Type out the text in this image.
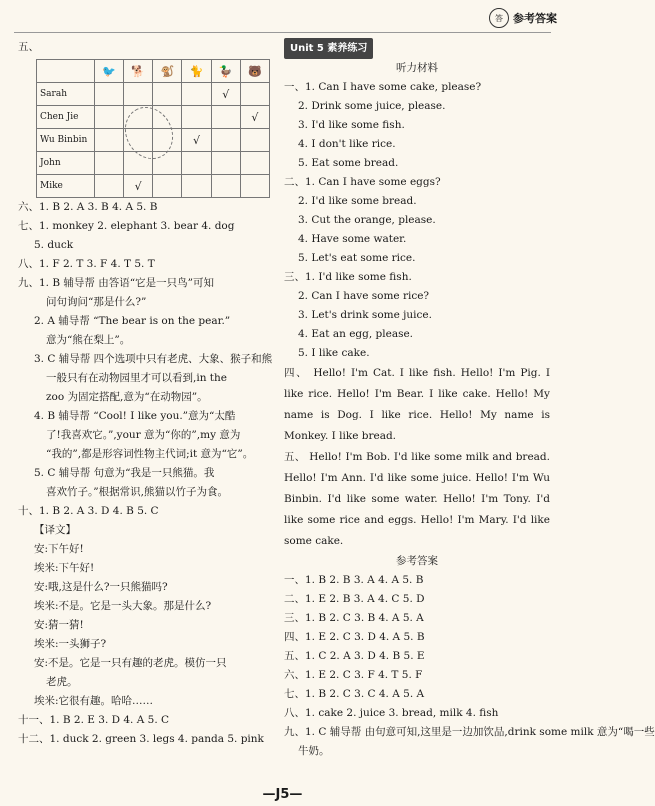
答 参考答案
五、
	🐦	🐕	🐒	🐈	🦆	🐻
Sarah					√	
Chen Jie						√
Wu Binbin				√		
John						
Mike		√				
六、1. B 2. A 3. B 4. A 5. B
七、1. monkey 2. elephant 3. bear 4. dog
5. duck
八、1. F 2. T 3. F 4. T 5. T
九、1. B 辅导帮 由答语“它是一只鸟”可知
问句询问“那是什么?”
2. A 辅导帮 “The bear is on the pear.”
意为“熊在梨上”。
3. C 辅导帮 四个选项中只有老虎、大象、猴子和熊
一般只有在动物园里才可以看到,in the
zoo 为固定搭配,意为“在动物园”。
4. B 辅导帮 “Cool! I like you.”意为“太酷
了!我喜欢它。”,your 意为“你的”,my 意为
“我的”,都是形容词性物主代词;it 意为“它”。
5. C 辅导帮 句意为“我是一只熊猫。我
喜欢竹子。”根据常识,熊猫以竹子为食。
十、1. B 2. A 3. D 4. B 5. C
【译文】
安:下午好!
埃米:下午好!
安:哦,这是什么?一只熊猫吗?
埃米:不是。它是一头大象。那是什么?
安:猜一猜!
埃米:一头狮子?
安:不是。它是一只有趣的老虎。模仿一只
老虎。
埃米:它很有趣。哈哈……
十一、1. B 2. E 3. D 4. A 5. C
十二、1. duck 2. green 3. legs 4. panda 5. pink
Unit 5 素养练习
听力材料
一、1. Can I have some cake, please?
2. Drink some juice, please.
3. I'd like some fish.
4. I don't like rice.
5. Eat some bread.
二、1. Can I have some eggs?
2. I'd like some bread.
3. Cut the orange, please.
4. Have some water.
5. Let's eat some rice.
三、1. I'd like some fish.
2. Can I have some rice?
3. Let's drink some juice.
4. Eat an egg, please.
5. I like cake.
四、 Hello! I'm Cat. I like fish. Hello! I'm Pig. I like rice. Hello! I'm Bear. I like cake. Hello! My name is Dog. I like rice. Hello! My name is Monkey. I like bread.
五、 Hello! I'm Bob. I'd like some milk and bread. Hello! I'm Ann. I'd like some juice. Hello! I'm Wu Binbin. I'd like some water. Hello! I'm Tony. I'd like some rice and eggs. Hello! I'm Mary. I'd like some cake.
参考答案
一、1. B 2. B 3. A 4. A 5. B
二、1. E 2. B 3. A 4. C 5. D
三、1. B 2. C 3. B 4. A 5. A
四、1. E 2. C 3. D 4. A 5. B
五、1. C 2. A 3. D 4. B 5. E
六、1. E 2. C 3. F 4. T 5. F
七、1. B 2. C 3. C 4. A 5. A
八、1. cake 2. juice 3. bread, milk 4. fish
九、1. C 辅导帮 由句意可知,这里是一边加饮品,drink some milk 意为“喝一些
牛奶。
—J5—
